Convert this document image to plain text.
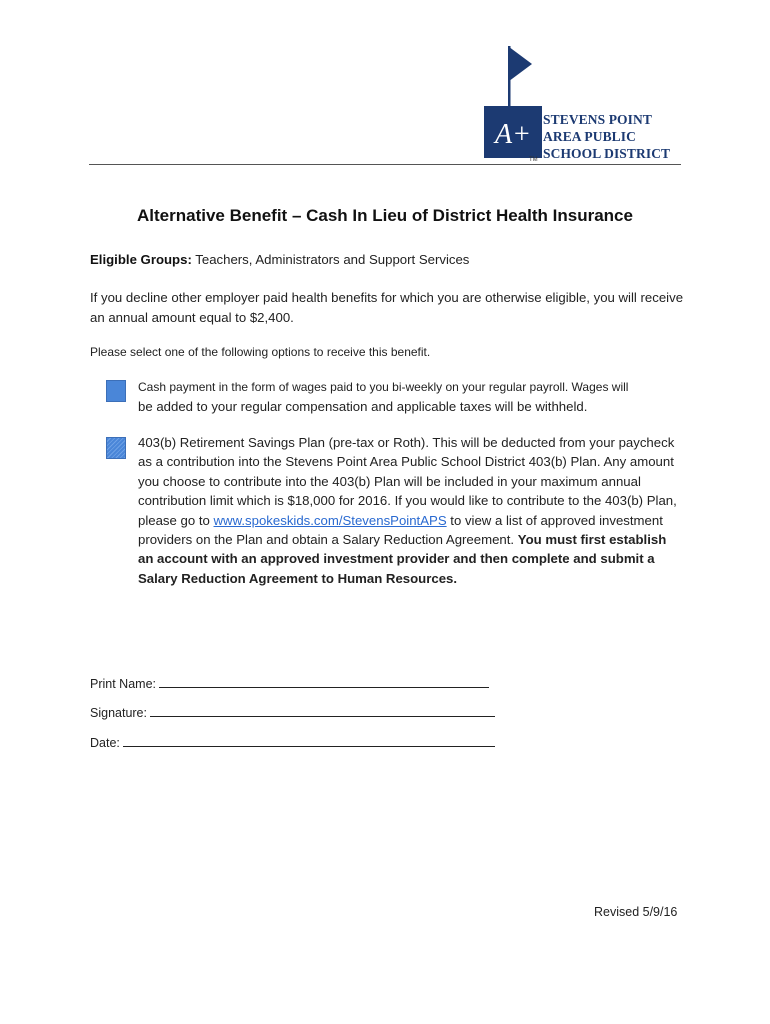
A+ STEVENS POINT
AREA PUBLIC
SCHOOL DISTRICT
TM
Alternative Benefit – Cash In Lieu of District Health Insurance
Eligible Groups: Teachers, Administrators and Support Services
If you decline other employer paid health benefits for which you are otherwise eligible, you will receive an annual amount equal to $2,400.
Please select one of the following options to receive this benefit.
Cash payment in the form of wages paid to you bi-weekly on your regular payroll. Wages will
be added to your regular compensation and applicable taxes will be withheld.
403(b) Retirement Savings Plan (pre-tax or Roth). This will be deducted from your paycheck as a contribution into the Stevens Point Area Public School District 403(b) Plan. Any amount you choose to contribute into the 403(b) Plan will be included in your maximum annual contribution limit which is $18,000 for 2016. If you would like to contribute to the 403(b) Plan, please go to www.spokeskids.com/StevensPointAPS to view a list of approved investment providers on the Plan and obtain a Salary Reduction Agreement. You must first establish an account with an approved investment provider and then complete and submit a Salary Reduction Agreement to Human Resources.
Print Name:
Signature:
Date:
Revised 5/9/16
